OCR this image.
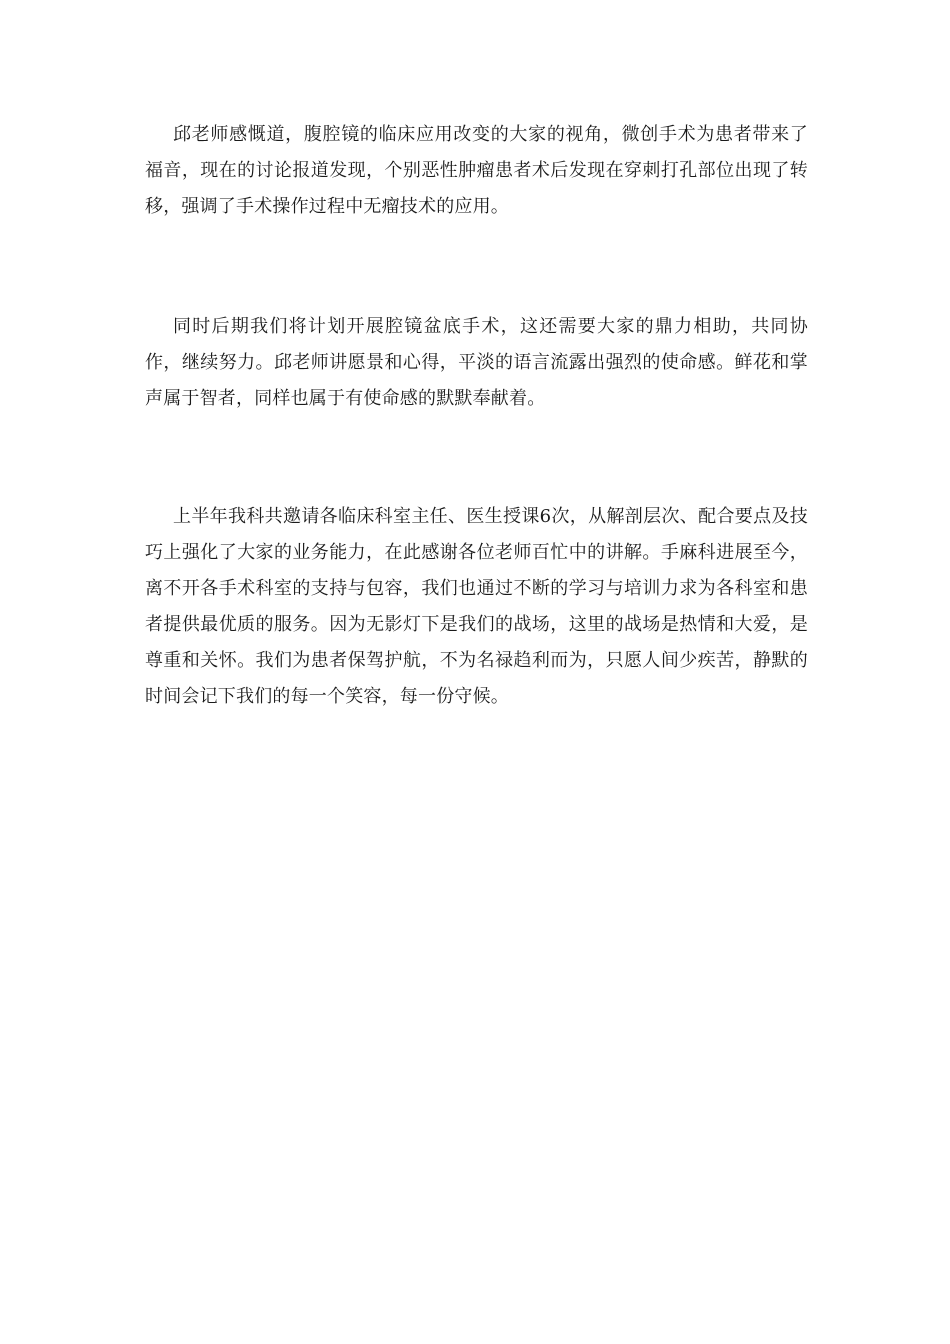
邱老师感慨道，腹腔镜的临床应用改变的大家的视角，微创手术为患者带来了福音，现在的讨论报道发现，个别恶性肿瘤患者术后发现在穿刺打孔部位出现了转移，强调了手术操作过程中无瘤技术的应用。

同时后期我们将计划开展腔镜盆底手术，这还需要大家的鼎力相助，共同协作，继续努力。邱老师讲愿景和心得，平淡的语言流露出强烈的使命感。鲜花和掌声属于智者，同样也属于有使命感的默默奉献着。

上半年我科共邀请各临床科室主任、医生授课6次，从解剖层次、配合要点及技巧上强化了大家的业务能力，在此感谢各位老师百忙中的讲解。手麻科进展至今，离不开各手术科室的支持与包容，我们也通过不断的学习与培训力求为各科室和患者提供最优质的服务。因为无影灯下是我们的战场，这里的战场是热情和大爱，是尊重和关怀。我们为患者保驾护航，不为名禄趋利而为，只愿人间少疾苦，静默的时间会记下我们的每一个笑容，每一份守候。
